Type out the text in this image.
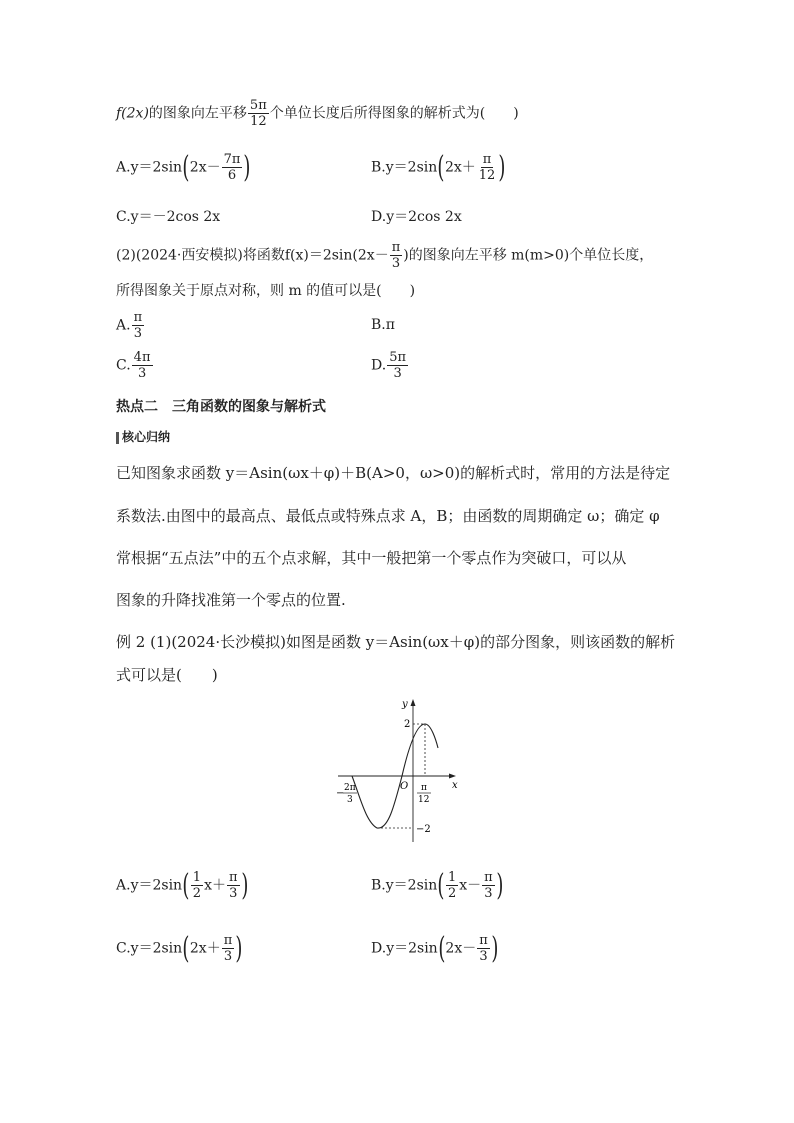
f(2x)的图象向左平移 $\frac{5\pi}{12}$ 个单位长度后所得图象的解析式为(　　)
$A.y=2\sin(2x- \frac{7\pi}{6}$ )	$B.y=2\sin(2x+ \frac{\pi}{12}$ )
C.y＝－2cos 2x	D.y＝2cos 2x
(2)(2024·西安模拟)将函数$f(x)=2\sin(2x- \frac{\pi}{3}$ )的图象向左平移 m(m>0)个单位长度，
所得图象关于原点对称，则 m 的值可以是(　　)
A. $\frac{\pi}{3}$	B.π
C. $\frac{4\pi}{3}$	D. $\frac{5\pi}{3}$
热点二　三角函数的图象与解析式
核心归纳
已知图象求函数 y＝Asin(ωx＋φ)＋B(A>0，ω>0)的解析式时，常用的方法是待定
系数法.由图中的最高点、最低点或特殊点求 A，B；由函数的周期确定 ω；确定 φ
常根据“五点法”中的五个点求解，其中一般把第一个零点作为突破口，可以从
图象的升降找准第一个零点的位置.
例 2 (1)(2024·长沙模拟)如图是函数 y＝Asin(ωx＋φ)的部分图象，则该函数的解析
式可以是(　　)
y
x
O
2
−2
− 2π
3
π
12
$A.y=2\sin( \frac{1}{2} x+ \frac{\pi}{3}$ )	$B.y=2\sin( \frac{1}{2} x- \frac{\pi}{3}$ )
$C.y=2\sin(2x+ \frac{\pi}{3}$ )	$D.y=2\sin(2x- \frac{\pi}{3}$ )
